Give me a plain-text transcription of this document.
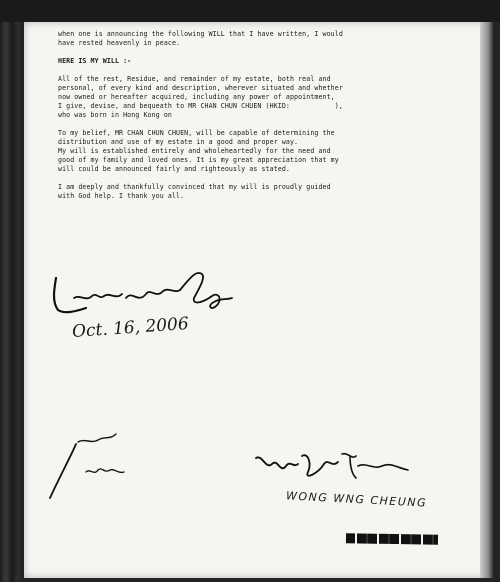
when one is announcing the following WILL that I have written, I would
have rested heavenly in peace.

HERE IS MY WILL :-

All of the rest, Residue, and remainder of my estate, both real and
personal, of every kind and description, wherever situated and whether
now owned or hereafter acquired, including any power of appointment,
I give, devise, and bequeath to MR CHAN CHUN CHUEN (HKID:           ),
who was born in Hong Kong on

To my belief, MR CHAN CHUN CHUEN, will be capable of determining the
distribution and use of my estate in a good and proper way.
My will is established entirely and wholeheartedly for the need and
good of my family and loved ones. It is my great appreciation that my
will could be announced fairly and righteously as stated.

I am deeply and thankfully convinced that my will is proudly guided
with God help. I thank you all.

Oct. 16, 2006
WONG WNG CHEUNG
